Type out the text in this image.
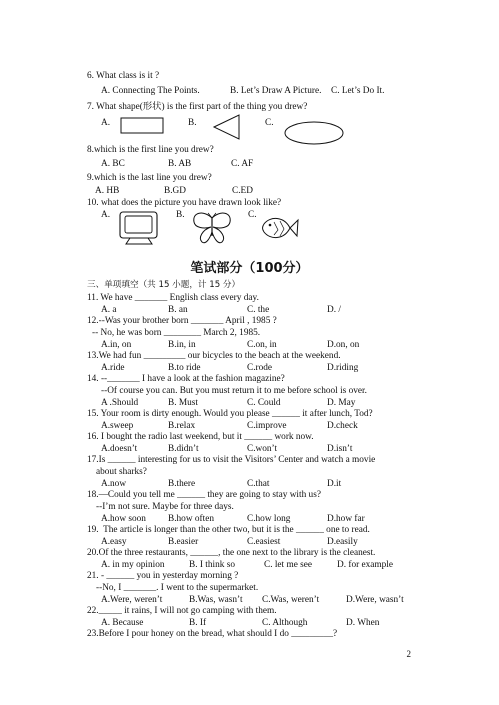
6. What class is it ?
A. Connecting The Points.	B. Let’s Draw A Picture. C. Let’s Do It.
7. What shape(形状) is the first part of the thing you drew?
A.	B.	C.
8.which is the first line you drew?
A. BC	B. AB	C. AF
9.which is the last line you drew?
A. HB	B.GD	C.ED
10. what does the picture you have drawn look like?
A.	B.	C.
笔试部分（100分）
三、单项填空（共 15 小题，计 15 分）
11. We have _______ English class every day.
A. a	B. an	C. the	D. /
12.--Was your brother born _______ April , 1985 ?
-- No, he was born ________ March 2, 1985.
A.in, on	B.in, in	C.on, in	D.on, on
13.We had fun _________ our bicycles to the beach at the weekend.
A.ride	B.to ride	C.rode	D.riding
14. --_______ I have a look at the fashion magazine?
--Of course you can. But you must return it to me before school is over.
A .Should	B. Must	C. Could	D. May
15. Your room is dirty enough. Would you please ______ it after lunch, Tod?
A.sweep	B.relax	C.improve	D.check
16. I bought the radio last weekend, but it ______ work now.
A.doesn’t	B.didn’t	C.won’t	D.isn’t
17.Is ______ interesting for us to visit the Visitors’ Center and watch a movie
about sharks?
A.now	B.there	C.that	D.it
18.—Could you tell me ______ they are going to stay with us?
--I’m not sure. Maybe for three days.
A.how soon B.how often	C.how long	D.how far
19.  The article is longer than the other two, but it is the ______ one to read.
A.easy	B.easier	C.easiest	D.easily
20.Of the three restaurants, ______, the one next to the library is the cleanest.
A. in my opinion	B. I think so	C. let me see	D. for example
21. - ______ you in yesterday morning ?
--No, I _______. I went to the supermarket.
A.Were, weren’t	B.Was, wasn’t C.Was, weren’t	D.Were, wasn’t
22._____ it rains, I will not go camping with them.
A. Because	B. If	C. Although	D. When
23.Before I pour honey on the bread, what should I do _________?
2
